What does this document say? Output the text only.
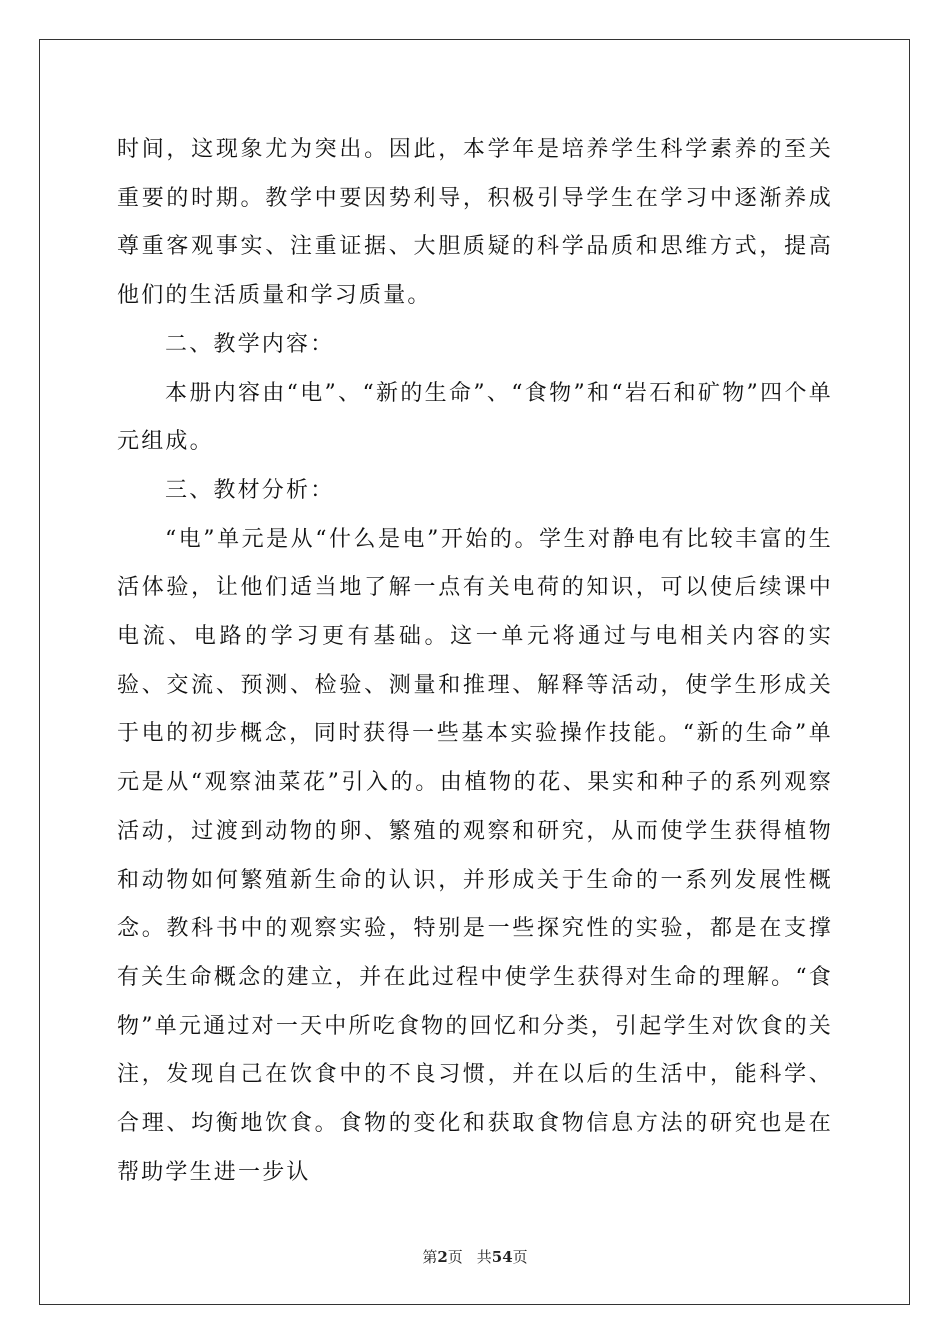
时间，这现象尤为突出。因此，本学年是培养学生科学素养的至关重要的时期。教学中要因势利导，积极引导学生在学习中逐渐养成尊重客观事实、注重证据、大胆质疑的科学品质和思维方式，提高他们的生活质量和学习质量。

二、教学内容：

本册内容由“电”、“新的生命”、“食物”和“岩石和矿物”四个单元组成。

三、教材分析：

“电”单元是从“什么是电”开始的。学生对静电有比较丰富的生活体验，让他们适当地了解一点有关电荷的知识，可以使后续课中电流、电路的学习更有基础。这一单元将通过与电相关内容的实验、交流、预测、检验、测量和推理、解释等活动，使学生形成关于电的初步概念，同时获得一些基本实验操作技能。“新的生命”单元是从“观察油菜花”引入的。由植物的花、果实和种子的系列观察活动，过渡到动物的卵、繁殖的观察和研究，从而使学生获得植物和动物如何繁殖新生命的认识，并形成关于生命的一系列发展性概念。教科书中的观察实验，特别是一些探究性的实验，都是在支撑有关生命概念的建立，并在此过程中使学生获得对生命的理解。“食物”单元通过对一天中所吃食物的回忆和分类，引起学生对饮食的关注，发现自己在饮食中的不良习惯，并在以后的生活中，能科学、合理、均衡地饮食。食物的变化和获取食物信息方法的研究也是在帮助学生进一步认

第2页 共54页
